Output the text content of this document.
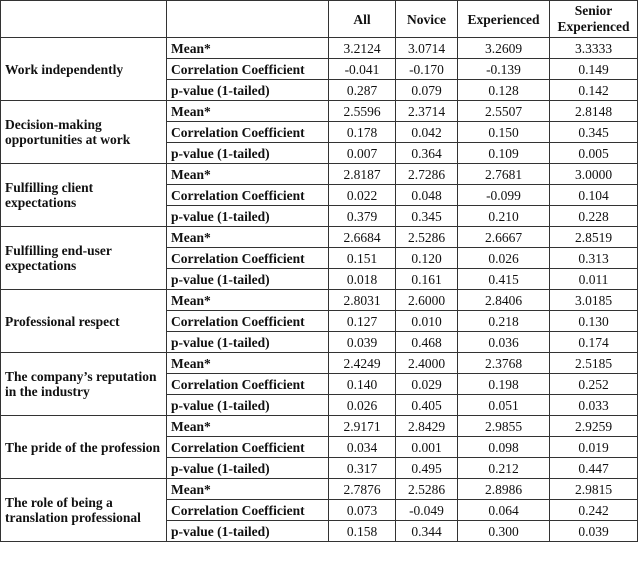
		All	Novice	Experienced	Senior Experienced
Work independently	Mean*	3.2124	3.0714	3.2609	3.3333
	Correlation Coefficient	-0.041	-0.170	-0.139	0.149
	p-value (1-tailed)	0.287	0.079	0.128	0.142
Decision-making opportunities at work	Mean*	2.5596	2.3714	2.5507	2.8148
	Correlation Coefficient	0.178	0.042	0.150	0.345
	p-value (1-tailed)	0.007	0.364	0.109	0.005
Fulfilling client expectations	Mean*	2.8187	2.7286	2.7681	3.0000
	Correlation Coefficient	0.022	0.048	-0.099	0.104
	p-value (1-tailed)	0.379	0.345	0.210	0.228
Fulfilling end-user expectations	Mean*	2.6684	2.5286	2.6667	2.8519
	Correlation Coefficient	0.151	0.120	0.026	0.313
	p-value (1-tailed)	0.018	0.161	0.415	0.011
Professional respect	Mean*	2.8031	2.6000	2.8406	3.0185
	Correlation Coefficient	0.127	0.010	0.218	0.130
	p-value (1-tailed)	0.039	0.468	0.036	0.174
The company’s reputation in the industry	Mean*	2.4249	2.4000	2.3768	2.5185
	Correlation Coefficient	0.140	0.029	0.198	0.252
	p-value (1-tailed)	0.026	0.405	0.051	0.033
The pride of the profession	Mean*	2.9171	2.8429	2.9855	2.9259
	Correlation Coefficient	0.034	0.001	0.098	0.019
	p-value (1-tailed)	0.317	0.495	0.212	0.447
The role of being a translation professional	Mean*	2.7876	2.5286	2.8986	2.9815
	Correlation Coefficient	0.073	-0.049	0.064	0.242
	p-value (1-tailed)	0.158	0.344	0.300	0.039
